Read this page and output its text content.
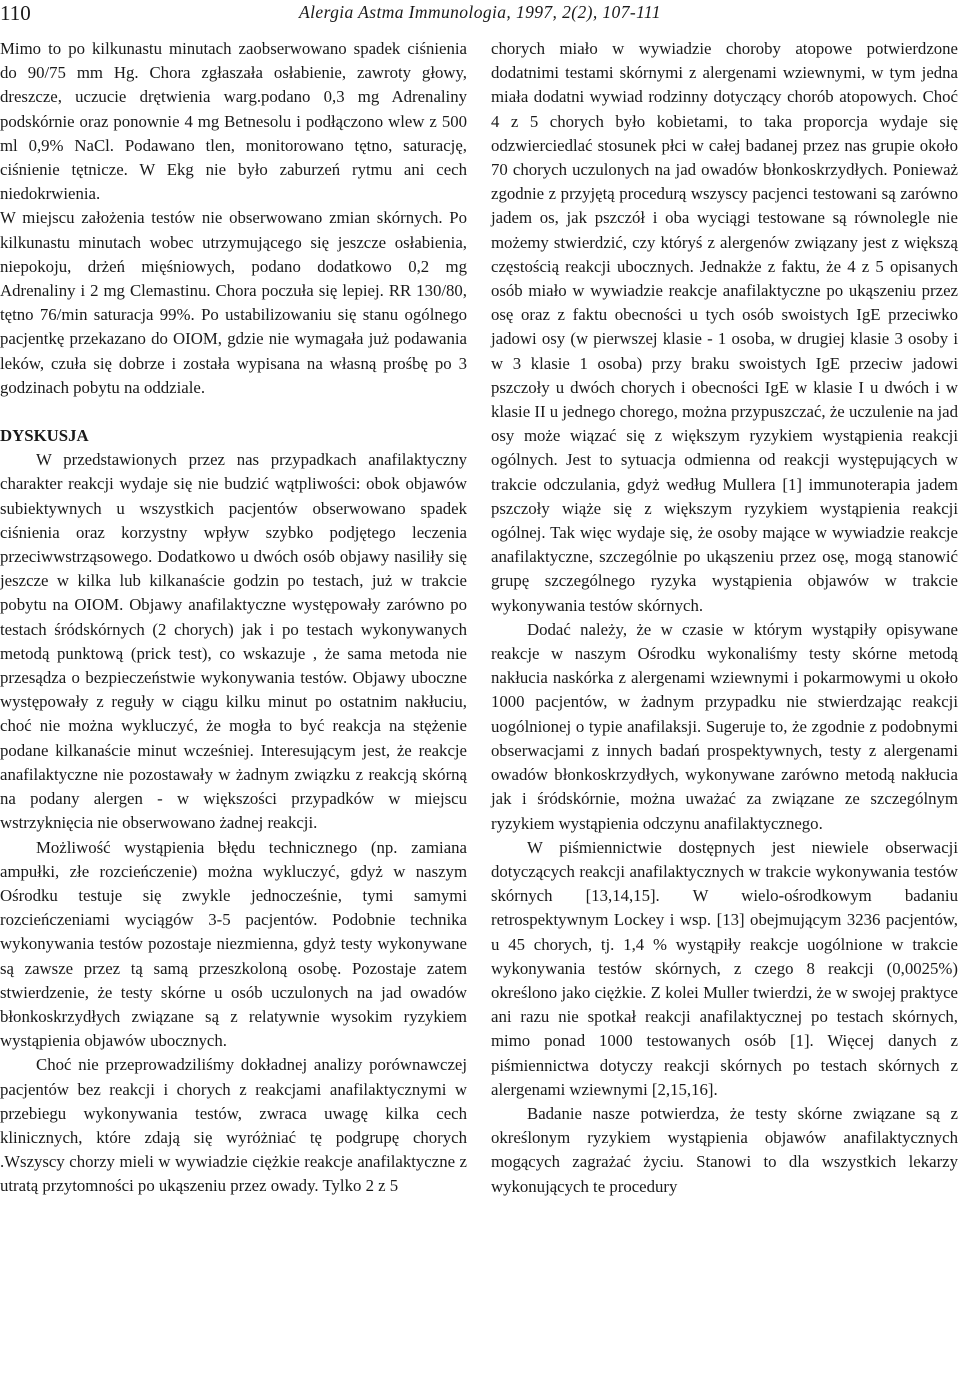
110	Alergia Astma Immunologia, 1997, 2(2), 107-111

Mimo to po kilkunastu minutach zaobserwowano spadek ciśnienia do 90/75 mm Hg. Chora zgłaszała osłabienie, zawroty głowy, dreszcze, uczucie drętwienia warg.podano 0,3 mg Adrenaliny podskórnie oraz ponownie 4 mg Betnesolu i podłączono wlew z 500 ml 0,9% NaCl. Podawano tlen, monitorowano tętno, saturację, ciśnienie tętnicze. W Ekg nie było zaburzeń rytmu ani cech niedokrwienia.

W miejscu założenia testów nie obserwowano zmian skórnych. Po kilkunastu minutach wobec utrzymującego się jeszcze osłabienia, niepokoju, drżeń mięśniowych, podano dodatkowo 0,2 mg Adrenaliny i 2 mg Clemastinu. Chora poczuła się lepiej. RR 130/80, tętno 76/min saturacja 99%. Po ustabilizowaniu się stanu ogólnego pacjentkę przekazano do OIOM, gdzie nie wymagała już podawania leków, czuła się dobrze i została wypisana na własną prośbę po 3 godzinach pobytu na oddziale.

DYSKUSJA

W przedstawionych przez nas przypadkach anafilaktyczny charakter reakcji wydaje się nie budzić wątpliwości: obok objawów subiektywnych u wszystkich pacjentów obserwowano spadek ciśnienia oraz korzystny wpływ szybko podjętego leczenia przeciwwstrząsowego. Dodatkowo u dwóch osób objawy nasiliły się jeszcze w kilka lub kilkanaście godzin po testach, już w trakcie pobytu na OIOM. Objawy anafilaktyczne występowały zarówno po testach śródskórnych (2 chorych) jak i po testach wykonywanych metodą punktową (prick test), co wskazuje , że sama metoda nie przesądza o bezpieczeństwie wykonywania testów. Objawy uboczne występowały z reguły w ciągu kilku minut po ostatnim nakłuciu, choć nie można wykluczyć, że mogła to być reakcja na stężenie podane kilkanaście minut wcześniej. Interesującym jest, że reakcje anafilaktyczne nie pozostawały w żadnym związku z reakcją skórną na podany alergen - w większości przypadków w miejscu wstrzyknięcia nie obserwowano żadnej reakcji.

Możliwość wystąpienia błędu technicznego (np. zamiana ampułki, złe rozcieńczenie) można wykluczyć, gdyż w naszym Ośrodku testuje się zwykle jednocześnie, tymi samymi rozcieńczeniami wyciągów 3-5 pacjentów. Podobnie technika wykonywania testów pozostaje niezmienna, gdyż testy wykonywane są zawsze przez tą samą przeszkoloną osobę. Pozostaje zatem stwierdzenie, że testy skórne u osób uczulonych na jad owadów błonkoskrzydłych związane są z relatywnie wysokim ryzykiem wystąpienia objawów ubocznych.

Choć nie przeprowadziliśmy dokładnej analizy porównawczej pacjentów bez reakcji i chorych z reakcjami anafilaktycznymi w przebiegu wykonywania testów, zwraca uwagę kilka cech klinicznych, które zdają się wyróżniać tę podgrupę chorych .Wszyscy chorzy mieli w wywiadzie ciężkie reakcje anafilaktyczne z utratą przytomności po ukąszeniu przez owady. Tylko 2 z 5

chorych miało w wywiadzie choroby atopowe potwierdzone dodatnimi testami skórnymi z alergenami wziewnymi, w tym jedna miała dodatni wywiad rodzinny dotyczący chorób atopowych. Choć 4 z 5 chorych było kobietami, to taka proporcja wydaje się odzwierciedlać stosunek płci w całej badanej przez nas grupie około 70 chorych uczulonych na jad owadów błonkoskrzydłych. Ponieważ zgodnie z przyjętą procedurą wszyscy pacjenci testowani są zarówno jadem os, jak pszczół i oba wyciągi testowane są równolegle nie możemy stwierdzić, czy któryś z alergenów związany jest z większą częstością reakcji ubocznych. Jednakże z faktu, że 4 z 5 opisanych osób miało w wywiadzie reakcje anafilaktyczne po ukąszeniu przez osę oraz z faktu obecności u tych osób swoistych IgE przeciwko jadowi osy (w pierwszej klasie - 1 osoba, w drugiej klasie 3 osoby i w 3 klasie 1 osoba) przy braku swoistych IgE przeciw jadowi pszczoły u dwóch chorych i obecności IgE w klasie I u dwóch i w klasie II u jednego chorego, można przypuszczać, że uczulenie na jad osy może wiązać się z większym ryzykiem wystąpienia reakcji ogólnych. Jest to sytuacja odmienna od reakcji występujących w trakcie odczulania, gdyż według Mullera [1] immunoterapia jadem pszczoły wiąże się z większym ryzykiem wystąpienia reakcji ogólnej. Tak więc wydaje się, że osoby mające w wywiadzie reakcje anafilaktyczne, szczególnie po ukąszeniu przez osę, mogą stanowić grupę szczególnego ryzyka wystąpienia objawów w trakcie wykonywania testów skórnych.

Dodać należy, że w czasie w którym wystąpiły opisywane reakcje w naszym Ośrodku wykonaliśmy testy skórne metodą nakłucia naskórka z alergenami wziewnymi i pokarmowymi u około 1000 pacjentów, w żadnym przypadku nie stwierdzając reakcji uogólnionej o typie anafilaksji. Sugeruje to, że zgodnie z podobnymi obserwacjami z innych badań prospektywnych, testy z alergenami owadów błonkoskrzydłych, wykonywane zarówno metodą nakłucia jak i śródskórnie, można uważać za związane ze szczególnym ryzykiem wystąpienia odczynu anafilaktycznego.

W piśmiennictwie dostępnych jest niewiele obserwacji dotyczących reakcji anafilaktycznych w trakcie wykonywania testów skórnych [13,14,15]. W wielo-ośrodkowym badaniu retrospektywnym Lockey i wsp. [13] obejmującym 3236 pacjentów, u 45 chorych, tj. 1,4 % wystąpiły reakcje uogólnione w trakcie wykonywania testów skórnych, z czego 8 reakcji (0,0025%) określono jako ciężkie. Z kolei Muller twierdzi, że w swojej praktyce ani razu nie spotkał reakcji anafilaktycznej po testach skórnych, mimo ponad 1000 testowanych osób [1]. Więcej danych z piśmiennictwa dotyczy reakcji skórnych po testach skórnych z alergenami wziewnymi [2,15,16].

Badanie nasze potwierdza, że testy skórne związane są z określonym ryzykiem wystąpienia objawów anafilaktycznych mogących zagrażać życiu. Stanowi to dla wszystkich lekarzy wykonujących te procedury
